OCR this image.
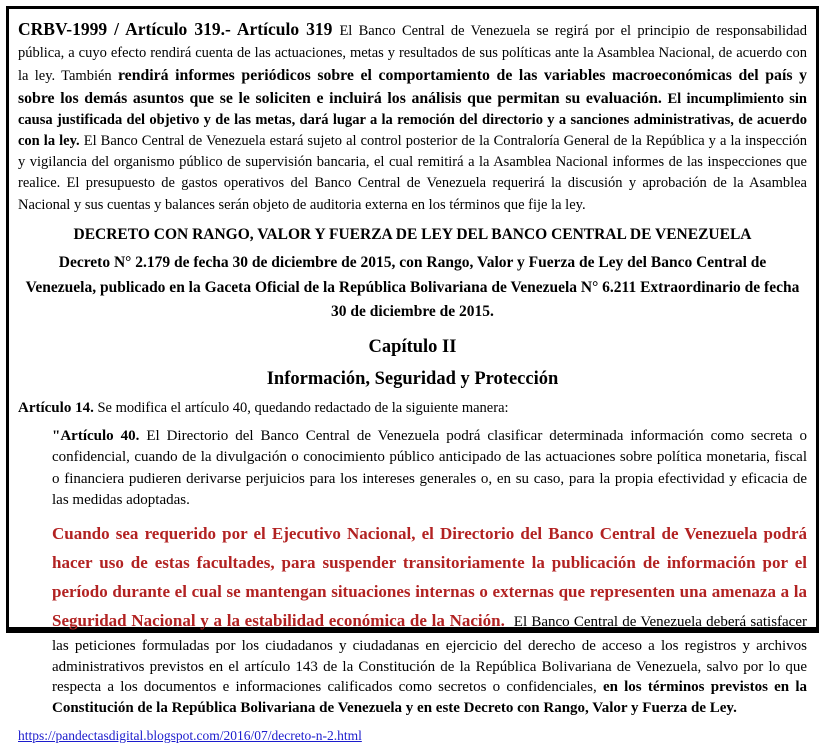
CRBV-1999 / Artículo 319.- Artículo 319 El Banco Central de Venezuela se regirá por el principio de responsabilidad pública, a cuyo efecto rendirá cuenta de las actuaciones, metas y resultados de sus políticas ante la Asamblea Nacional, de acuerdo con la ley. También rendirá informes periódicos sobre el comportamiento de las variables macroeconómicas del país y sobre los demás asuntos que se le soliciten e incluirá los análisis que permitan su evaluación. El incumplimiento sin causa justificada del objetivo y de las metas, dará lugar a la remoción del directorio y a sanciones administrativas, de acuerdo con la ley. El Banco Central de Venezuela estará sujeto al control posterior de la Contraloría General de la República y a la inspección y vigilancia del organismo público de supervisión bancaria, el cual remitirá a la Asamblea Nacional informes de las inspecciones que realice. El presupuesto de gastos operativos del Banco Central de Venezuela requerirá la discusión y aprobación de la Asamblea Nacional y sus cuentas y balances serán objeto de auditoria externa en los términos que fije la ley.

DECRETO CON RANGO, VALOR Y FUERZA DE LEY DEL BANCO CENTRAL DE VENEZUELA

Decreto N° 2.179 de fecha 30 de diciembre de 2015, con Rango, Valor y Fuerza de Ley del Banco Central de Venezuela, publicado en la Gaceta Oficial de la República Bolivariana de Venezuela N° 6.211 Extraordinario de fecha 30 de diciembre de 2015.

Capítulo II
Información, Seguridad y Protección

Artículo 14. Se modifica el artículo 40, quedando redactado de la siguiente manera:

"Artículo 40. El Directorio del Banco Central de Venezuela podrá clasificar determinada información como secreta o confidencial, cuando de la divulgación o conocimiento público anticipado de las actuaciones sobre política monetaria, fiscal o financiera pudieren derivarse perjuicios para los intereses generales o, en su caso, para la propia efectividad y eficacia de las medidas adoptadas.

Cuando sea requerido por el Ejecutivo Nacional, el Directorio del Banco Central de Venezuela podrá hacer uso de estas facultades, para suspender transitoriamente la publicación de información por el período durante el cual se mantengan situaciones internas o externas que representen una amenaza a la Seguridad Nacional y a la estabilidad económica de la Nación.  El Banco Central de Venezuela deberá satisfacer las peticiones formuladas por los ciudadanos y ciudadanas en ejercicio del derecho de acceso a los registros y archivos administrativos previstos en el artículo 143 de la Constitución de la República Bolivariana de Venezuela, salvo por lo que respecta a los documentos e informaciones calificados como secretos o confidenciales, en los términos previstos en la Constitución de la República Bolivariana de Venezuela y en este Decreto con Rango, Valor y Fuerza de Ley.

https://pandectasdigital.blogspot.com/2016/07/decreto-n-2.html
